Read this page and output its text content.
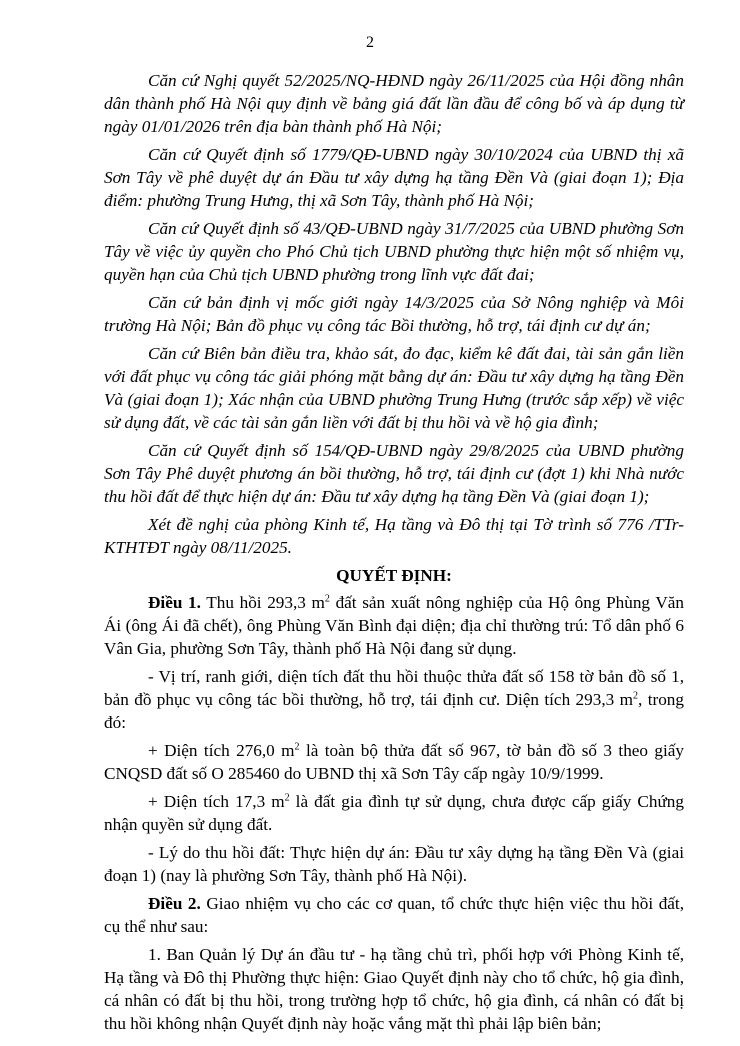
2

Căn cứ Nghị quyết 52/2025/NQ-HĐND ngày 26/11/2025 của Hội đồng nhân dân thành phố Hà Nội quy định về bảng giá đất lần đầu để công bố và áp dụng từ ngày 01/01/2026 trên địa bàn thành phố Hà Nội;

Căn cứ Quyết định số 1779/QĐ-UBND ngày 30/10/2024 của UBND thị xã Sơn Tây về phê duyệt dự án Đầu tư xây dựng hạ tầng Đền Và (giai đoạn 1); Địa điểm: phường Trung Hưng, thị xã Sơn Tây, thành phố Hà Nội;

Căn cứ Quyết định số 43/QĐ-UBND ngày 31/7/2025 của UBND phường Sơn Tây về việc ủy quyền cho Phó Chủ tịch UBND phường thực hiện một số nhiệm vụ, quyền hạn của Chủ tịch UBND phường trong lĩnh vực đất đai;

Căn cứ bản định vị mốc giới ngày 14/3/2025 của Sở Nông nghiệp và Môi trường Hà Nội; Bản đồ phục vụ công tác Bồi thường, hỗ trợ, tái định cư dự án;

Căn cứ Biên bản điều tra, khảo sát, đo đạc, kiểm kê đất đai, tài sản gắn liền với đất phục vụ công tác giải phóng mặt bằng dự án: Đầu tư xây dựng hạ tầng Đền Và (giai đoạn 1); Xác nhận của UBND phường Trung Hưng (trước sắp xếp) về việc sử dụng đất, về các tài sản gắn liền với đất bị thu hồi và về hộ gia đình;

Căn cứ Quyết định số 154/QĐ-UBND ngày 29/8/2025 của UBND phường Sơn Tây Phê duyệt phương án bồi thường, hỗ trợ, tái định cư (đợt 1) khi Nhà nước thu hồi đất để thực hiện dự án: Đầu tư xây dựng hạ tầng Đền Và (giai đoạn 1);

Xét đề nghị của phòng Kinh tế, Hạ tầng và Đô thị tại Tờ trình số 776 /TTr-KTHTĐT ngày 08/11/2025.

QUYẾT ĐỊNH:

Điều 1. Thu hồi 293,3 $m^2$ đất sản xuất nông nghiệp của Hộ ông Phùng Văn Ái (ông Ái đã chết), ông Phùng Văn Bình đại diện; địa chỉ thường trú: Tổ dân phố 6 Vân Gia, phường Sơn Tây, thành phố Hà Nội đang sử dụng.

- Vị trí, ranh giới, diện tích đất thu hồi thuộc thửa đất số 158 tờ bản đồ số 1, bản đồ phục vụ công tác bồi thường, hỗ trợ, tái định cư. Diện tích 293,3 $m^2$, trong đó:

+ Diện tích 276,0 $m^2$ là toàn bộ thửa đất số 967, tờ bản đồ số 3 theo giấy CNQSD đất số O 285460 do UBND thị xã Sơn Tây cấp ngày 10/9/1999.

+ Diện tích 17,3 $m^2$ là đất gia đình tự sử dụng, chưa được cấp giấy Chứng nhận quyền sử dụng đất.

- Lý do thu hồi đất: Thực hiện dự án: Đầu tư xây dựng hạ tầng Đền Và (giai đoạn 1) (nay là phường Sơn Tây, thành phố Hà Nội).

Điều 2. Giao nhiệm vụ cho các cơ quan, tổ chức thực hiện việc thu hồi đất, cụ thể như sau:

1. Ban Quản lý Dự án đầu tư - hạ tầng chủ trì, phối hợp với Phòng Kinh tế, Hạ tầng và Đô thị Phường thực hiện: Giao Quyết định này cho tổ chức, hộ gia đình, cá nhân có đất bị thu hồi, trong trường hợp tổ chức, hộ gia đình, cá nhân có đất bị thu hồi không nhận Quyết định này hoặc vắng mặt thì phải lập biên bản;
